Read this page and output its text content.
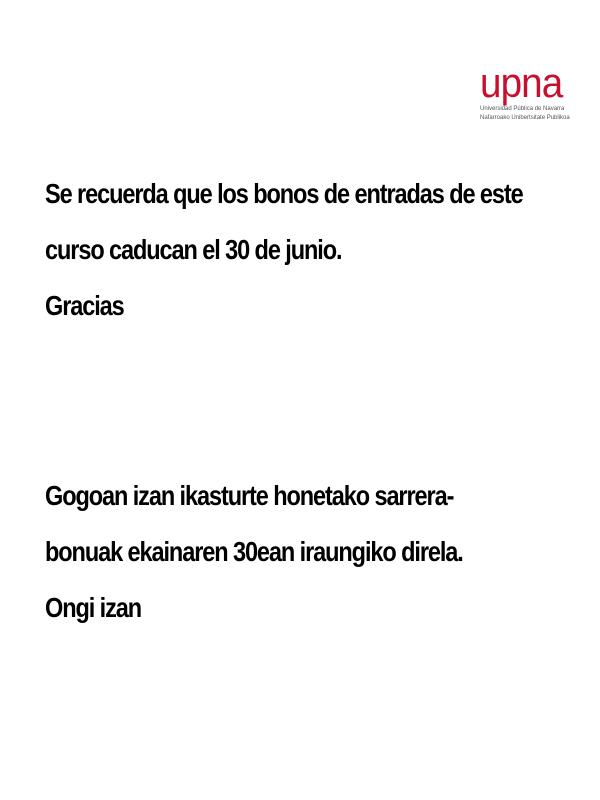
upna
Universidad Pública de Navarra
Nafarroako Unibertsitate Publikoa
Se recuerda que los bonos de entradas de este
curso caducan el 30 de junio.
Gracias
Gogoan izan ikasturte honetako sarrera-
bonuak ekainaren 30ean iraungiko direla.
Ongi izan
